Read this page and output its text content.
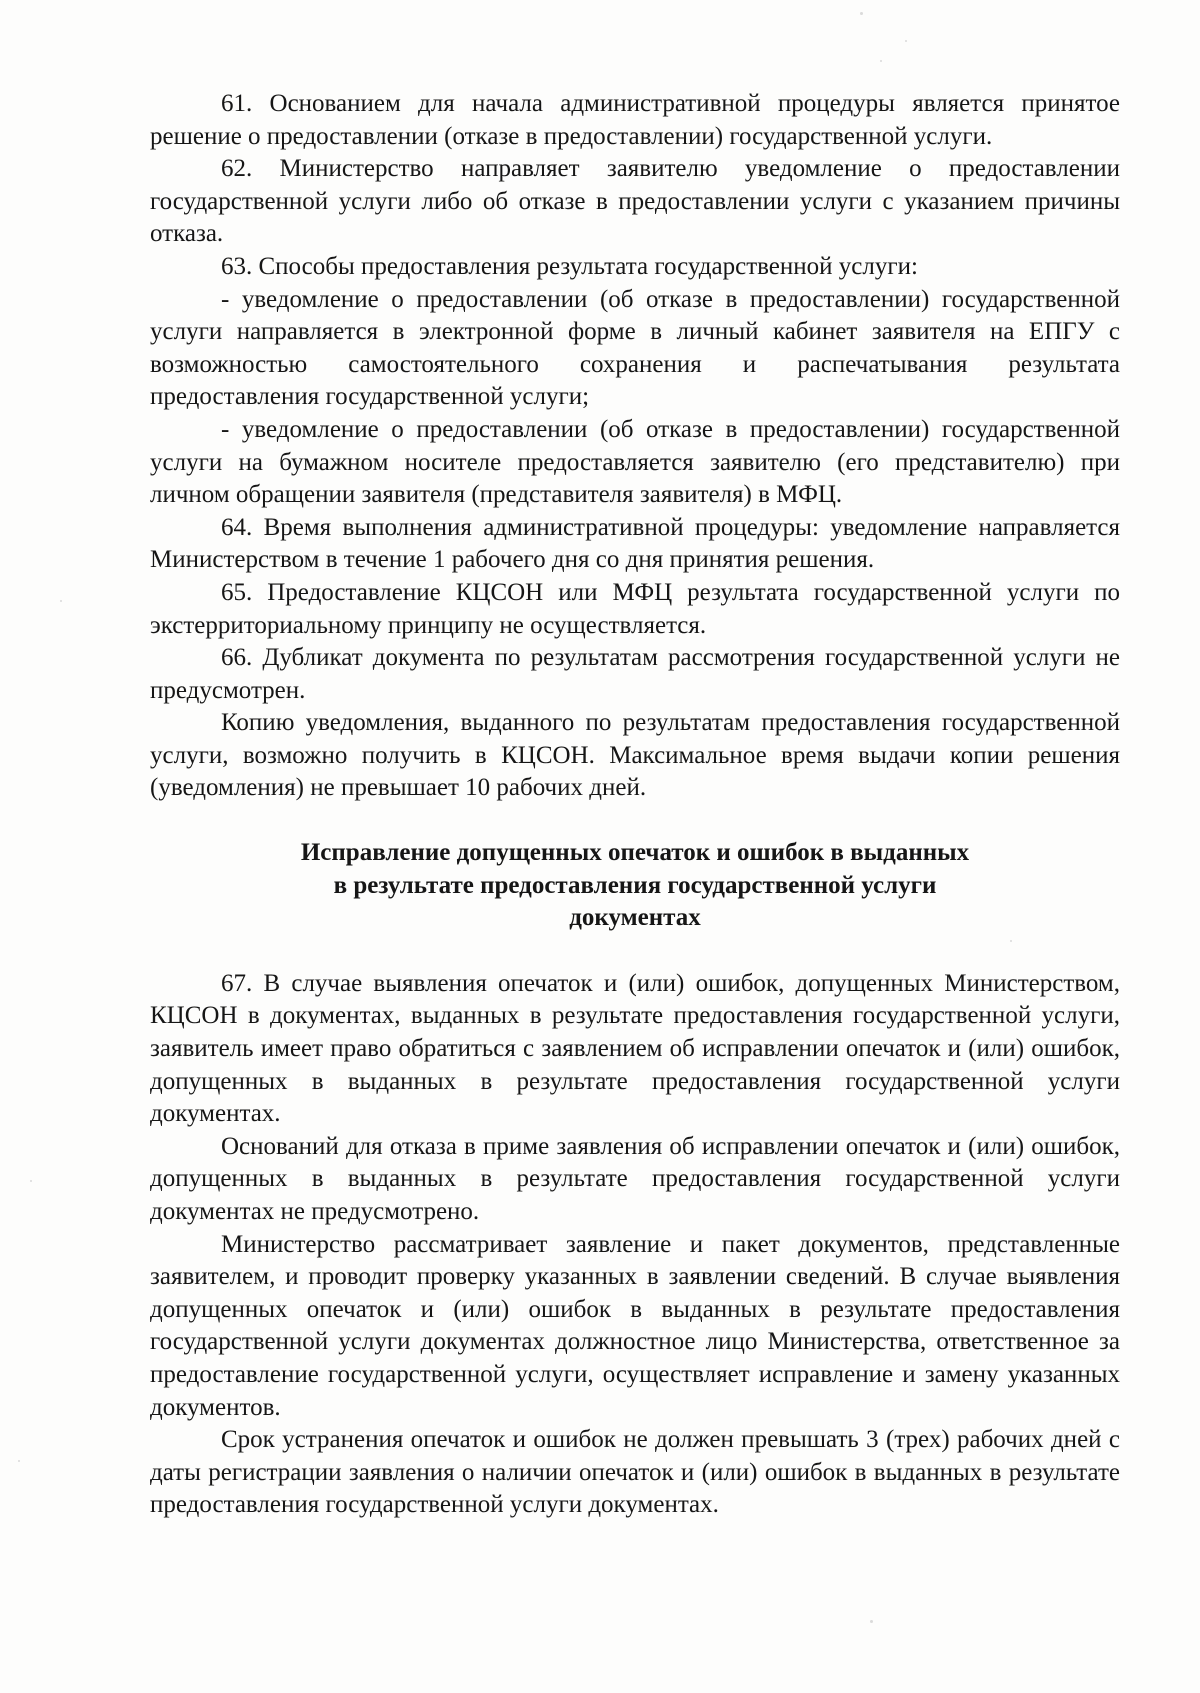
61. Основанием для начала административной процедуры является принятое решение о предоставлении (отказе в предоставлении) государственной услуги.

62. Министерство направляет заявителю уведомление о предоставлении государственной услуги либо об отказе в предоставлении услуги с указанием причины отказа.

63. Способы предоставления результата государственной услуги:

- уведомление о предоставлении (об отказе в предоставлении) государственной услуги направляется в электронной форме в личный кабинет заявителя на ЕПГУ с возможностью самостоятельного сохранения и распечатывания результата предоставления государственной услуги;

- уведомление о предоставлении (об отказе в предоставлении) государственной услуги на бумажном носителе предоставляется заявителю (его представителю) при личном обращении заявителя (представителя заявителя) в МФЦ.

64. Время выполнения административной процедуры: уведомление направляется Министерством в течение 1 рабочего дня со дня принятия решения.

65. Предоставление КЦСОН или МФЦ результата государственной услуги по экстерриториальному принципу не осуществляется.

66. Дубликат документа по результатам рассмотрения государственной услуги не предусмотрен.

Копию уведомления, выданного по результатам предоставления государственной услуги, возможно получить в КЦСОН. Максимальное время выдачи копии решения (уведомления) не превышает 10 рабочих дней.

Исправление допущенных опечаток и ошибок в выданных
в результате предоставления государственной услуги
документах

67. В случае выявления опечаток и (или) ошибок, допущенных Министерством, КЦСОН в документах, выданных в результате предоставления государственной услуги, заявитель имеет право обратиться с заявлением об исправлении опечаток и (или) ошибок, допущенных в выданных в результате предоставления государственной услуги документах.

Оснований для отказа в приме заявления об исправлении опечаток и (или) ошибок, допущенных в выданных в результате предоставления государственной услуги документах не предусмотрено.

Министерство рассматривает заявление и пакет документов, представленные заявителем, и проводит проверку указанных в заявлении сведений. В случае выявления допущенных опечаток и (или) ошибок в выданных в результате предоставления государственной услуги документах должностное лицо Министерства, ответственное за предоставление государственной услуги, осуществляет исправление и замену указанных документов.

Срок устранения опечаток и ошибок не должен превышать 3 (трех) рабочих дней с даты регистрации заявления о наличии опечаток и (или) ошибок в выданных в результате предоставления государственной услуги документах.
